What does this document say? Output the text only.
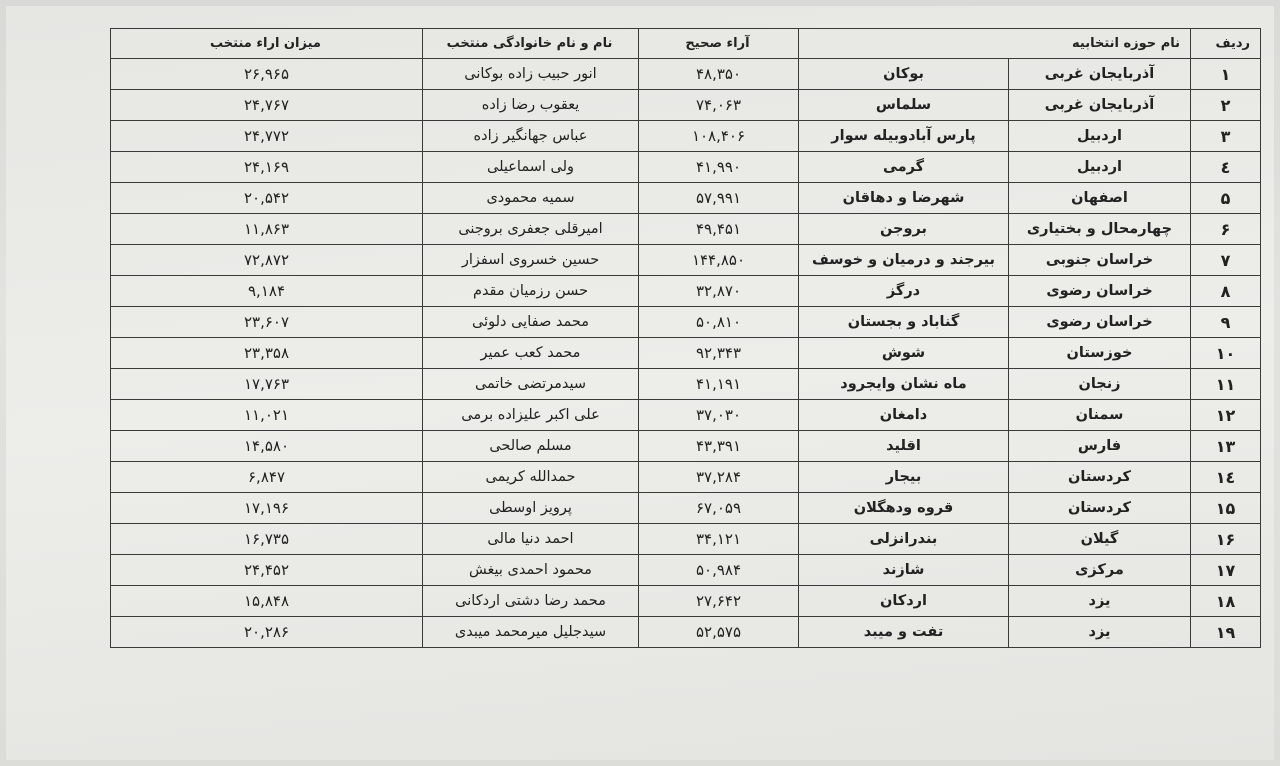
ردیف	نام حوزه انتخابیه		آراء صحیح	نام و نام خانوادگی منتخب	میزان اراء منتخب
۱	آذربایجان غربی	بوکان	۴۸,۳۵۰	انور حبیب زاده بوکانی	۲۶,۹۶۵
۲	آذربایجان غربی	سلماس	۷۴,۰۶۳	یعقوب رضا زاده	۲۴,۷۶۷
۳	اردبیل	پارس آبادوبیله سوار	۱۰۸,۴۰۶	عباس جهانگیر زاده	۲۴,۷۷۲
٤	اردبیل	گرمی	۴۱,۹۹۰	ولی اسماعیلی	۲۴,۱۶۹
۵	اصفهان	شهرضا و دهاقان	۵۷,۹۹۱	سمیه محمودی	۲۰,۵۴۲
۶	چهارمحال و بختیاری	بروجن	۴۹,۴۵۱	امیرقلی جعفری بروجنی	۱۱,۸۶۳
۷	خراسان جنوبی	بیرجند و درمیان و خوسف	۱۴۴,۸۵۰	حسین خسروی اسفزار	۷۲,۸۷۲
۸	خراسان رضوی	درگز	۳۲,۸۷۰	حسن رزمیان مقدم	۹,۱۸۴
۹	خراسان رضوی	گناباد و بجستان	۵۰,۸۱۰	محمد صفایی دلوئی	۲۳,۶۰۷
۱۰	خوزستان	شوش	۹۲,۳۴۳	محمد کعب عمیر	۲۳,۳۵۸
۱۱	زنجان	ماه نشان وایجرود	۴۱,۱۹۱	سیدمرتضی خاتمی	۱۷,۷۶۳
۱۲	سمنان	دامغان	۳۷,۰۳۰	علی اکبر علیزاده برمی	۱۱,۰۲۱
۱۳	فارس	اقلید	۴۳,۳۹۱	مسلم صالحی	۱۴,۵۸۰
۱٤	کردستان	بیجار	۳۷,۲۸۴	حمدالله کریمی	۶,۸۴۷
۱۵	کردستان	قروه ودهگلان	۶۷,۰۵۹	پرویز اوسطی	۱۷,۱۹۶
۱۶	گیلان	بندرانزلی	۳۴,۱۲۱	احمد دنیا مالی	۱۶,۷۳۵
۱۷	مرکزی	شازند	۵۰,۹۸۴	محمود احمدی بیغش	۲۴,۴۵۲
۱۸	یزد	اردکان	۲۷,۶۴۲	محمد رضا دشتی اردکانی	۱۵,۸۴۸
۱۹	یزد	تفت و میبد	۵۲,۵۷۵	سیدجلیل میرمحمد میبدی	۲۰,۲۸۶
